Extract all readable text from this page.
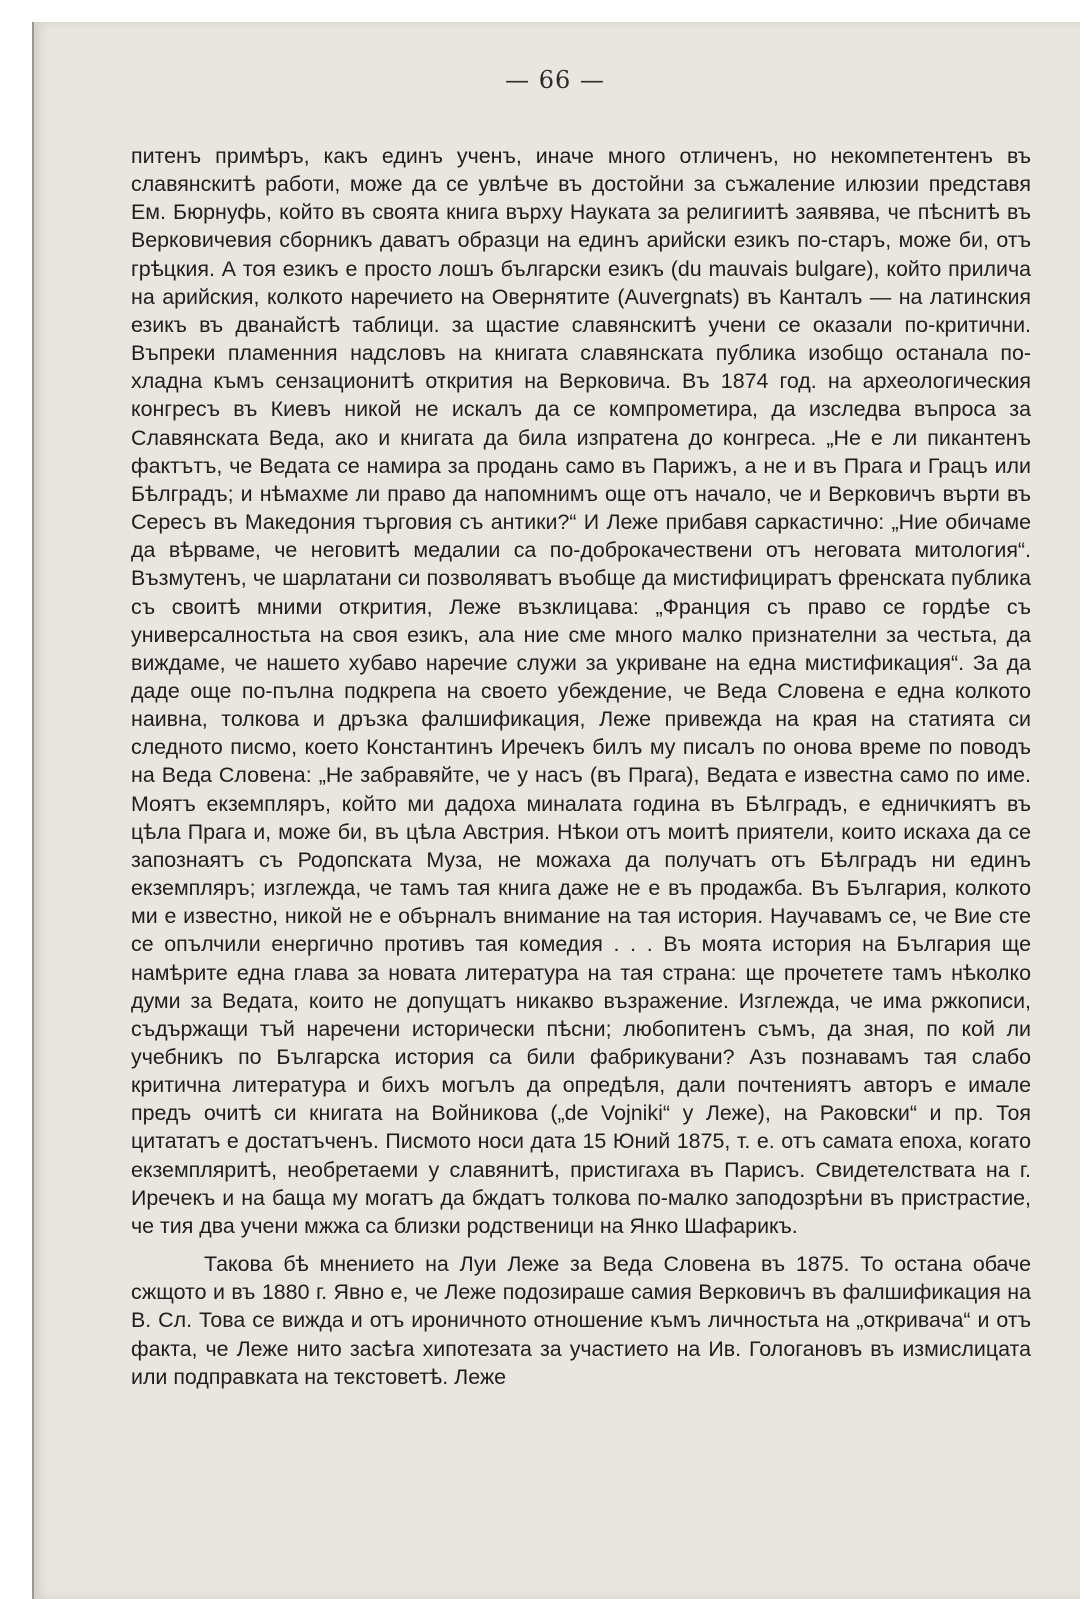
— 66 —

питенъ примѣръ, какъ единъ ученъ, иначе много отличенъ, но некомпетентенъ въ славянскитѣ работи, може да се увлѣче въ достойни за съжаление илюзии представя Ем. Бюрнуфь, който въ своята книга върху Науката за религиитѣ заявява, че пѣснитѣ въ Верковичевия сборникъ даватъ образци на единъ арийски езикъ по-старъ, може би, отъ грѣцкия. А тоя езикъ е просто лошъ български езикъ (du mauvais bulgare), който прилича на арийския, колкото наречието на Овернятите (Auvergnats) въ Канталъ — на латинския езикъ въ дванайстѣ таблици. за щастие славянскитѣ учени се оказали по-критични. Въпреки пламенния надсловъ на книгата славянската публика изобщо останала по-хладна къмъ сензационитѣ открития на Верковича. Въ 1874 год. на археологическия конгресъ въ Киевъ никой не искалъ да се компрометира, да изследва въпроса за Славянската Веда, ако и книгата да била изпратена до конгреса. „Не е ли пикантенъ фактътъ, че Ведата се намира за продань само въ Парижъ, а не и въ Прага и Грацъ или Бѣлградъ; и нѣмахме ли право да напомнимъ още отъ начало, че и Верковичъ върти въ Сересъ въ Македония търговия съ антики?“ И Леже прибавя саркастично: „Ние обичаме да вѣрваме, че неговитѣ медалии са по-доброкачествени отъ неговата митология“. Възмутенъ, че шарлатани си позволяватъ въобще да мистифициратъ френската публика съ своитѣ мними открития, Леже възклицава: „Франция съ право се гордѣе съ универсалностьта на своя езикъ, ала ние сме много малко признателни за честьта, да виждаме, че нашето хубаво наречие служи за укриване на една мистификация“. За да даде още по-пълна подкрепа на своето убеждение, че Веда Словена е една колкото наивна, толкова и дръзка фалшификация, Леже привежда на края на статията си следното писмо, което Константинъ Иречекъ билъ му писалъ по онова време по поводъ на Веда Словена: „Не забравяйте, че у насъ (въ Прага), Ведата е известна само по име. Моятъ екземпляръ, който ми дадоха миналата година въ Бѣлградъ, е едничкиятъ въ цѣла Прага и, може би, въ цѣла Австрия. Нѣкои отъ моитѣ приятели, които искаха да се запознаятъ съ Родопската Муза, не можаха да получатъ отъ Бѣлградъ ни единъ екземпляръ; изглежда, че тамъ тая книга даже не е въ продажба. Въ България, колкото ми е известно, никой не е обърналъ внимание на тая история. Научавамъ се, че Вие сте се опълчили енергично противъ тая комедия . . . Въ моята история на България ще намѣрите една глава за новата литература на тая страна: ще прочетете тамъ нѣколко думи за Ведата, които не допущатъ никакво възражение. Изглежда, че има ржкописи, съдържащи тъй наречени исторически пѣсни; любопитенъ съмъ, да зная, по кой ли учебникъ по Българска история са били фабрикувани? Азъ познавамъ тая слабо критична литература и бихъ могълъ да опредѣля, дали почтениятъ авторъ е имале предъ очитѣ си книгата на Войникова („de Vojniki“ у Леже), на Раковски“ и пр. Тоя цитататъ е достатъченъ. Писмото носи дата 15 Юний 1875, т. е. отъ самата епоха, когато екземпляритѣ, необретаеми у славянитѣ, пристигаха въ Парисъ. Свидетелствата на г. Иречекъ и на баща му могатъ да бждатъ толкова по-малко заподозрѣни въ пристрастие, че тия два учени мжжа са близки родственици на Янко Шафарикъ.

Такова бѣ мнението на Луи Леже за Веда Словена въ 1875. То остана обаче сжщото и въ 1880 г. Явно е, че Леже подозираше самия Верковичъ въ фалшификация на В. Сл. Това се вижда и отъ ироничното отношение къмъ личностьта на „откривача“ и отъ факта, че Леже нито засѣга хипотезата за участието на Ив. Гологановъ въ измислицата или подправката на текстоветѣ. Леже
